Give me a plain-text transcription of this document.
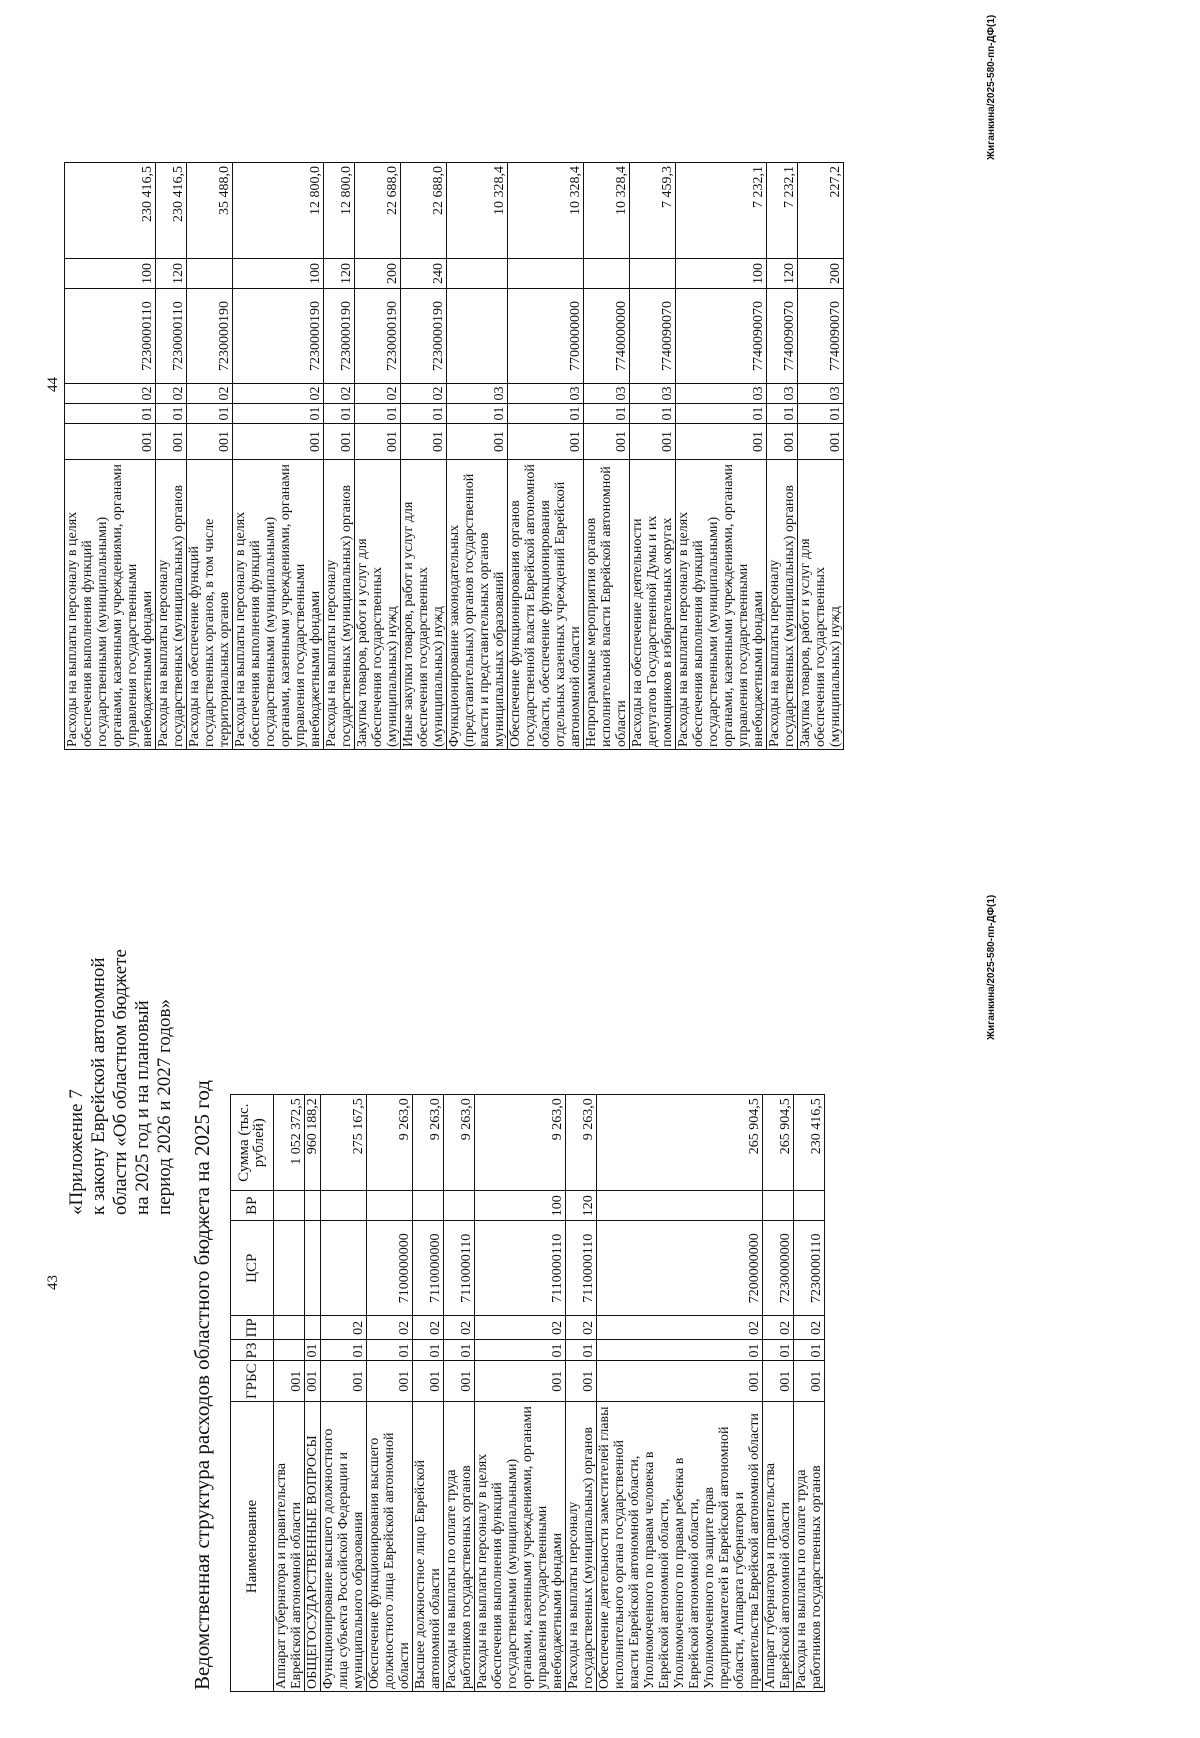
43
«Приложение 7 к закону Еврейской автономной области «Об областном бюджете на 2025 год и на плановый период 2026 и 2027 годов» Ведомственная структура расходов областного бюджета на 2025 год Наименование	ГРБС	РЗ	ПР	ЦСР	ВР	Сумма (тыс. рублей)
Аппарат губернатора и правительства Еврейской автономной области	001					1 052 372,5
ОБЩЕГОСУДАРСТВЕННЫЕ ВОПРОСЫ	001	01				960 188,2
Функционирование высшего должностного лица субъекта Российской Федерации и муниципального образования	001	01	02			275 167,5
Обеспечение функционирования высшего должностного лица Еврейской автономной области	001	01	02	7100000000		9 263,0
Высшее должностное лицо Еврейской автономной области	001	01	02	7110000000		9 263,0
Расходы на выплаты по оплате труда работников государственных органов	001	01	02	7110000110		9 263,0
Расходы на выплаты персоналу в целях обеспечения выполнения функций государственными (муниципальными) органами, казенными учреждениями, органами управления государственными внебюджетными фондами	001	01	02	7110000110	100	9 263,0
Расходы на выплаты персоналу государственных (муниципальных) органов	001	01	02	7110000110	120	9 263,0
Обеспечение деятельности заместителей главы исполнительного органа государственной власти Еврейской автономной области, Уполномоченного по правам человека в Еврейской автономной области, Уполномоченного по правам ребенка в Еврейской автономной области, Уполномоченного по защите прав предпринимателей в Еврейской автономной области, Аппарата губернатора и правительства Еврейской автономной области	001	01	02	7200000000		265 904,5
Аппарат губернатора и правительства Еврейской автономной области	001	01	02	7230000000		265 904,5
Расходы на выплаты по оплате труда работников государственных органов	001	01	02	7230000110		230 416,5
Жиганкина/2025-580-пп-ДФ(1)
44
Расходы на выплаты персоналу в целях обеспечения выполнения функций государственными (муниципальными) органами, казенными учреждениями, органами управления государственными внебюджетными фондами	001	01	02	7230000110	100	230 416,5
Расходы на выплаты персоналу государственных (муниципальных) органов	001	01	02	7230000110	120	230 416,5
Расходы на обеспечение функций государственных органов, в том числе территориальных органов	001	01	02	7230000190		35 488,0
Расходы на выплаты персоналу в целях обеспечения выполнения функций государственными (муниципальными) органами, казенными учреждениями, органами управления государственными внебюджетными фондами	001	01	02	7230000190	100	12 800,0
Расходы на выплаты персоналу государственных (муниципальных) органов	001	01	02	7230000190	120	12 800,0
Закупка товаров, работ и услуг для обеспечения государственных (муниципальных) нужд	001	01	02	7230000190	200	22 688,0
Иные закупки товаров, работ и услуг для обеспечения государственных (муниципальных) нужд	001	01	02	7230000190	240	22 688,0
Функционирование законодательных (представительных) органов государственной власти и представительных органов муниципальных образований	001	01	03			10 328,4
Обеспечение функционирования органов государственной власти Еврейской автономной области, обеспечение функционирования отдельных казенных учреждений Еврейской автономной области	001	01	03	7700000000		10 328,4
Непрограммные мероприятия органов исполнительной власти Еврейской автономной области	001	01	03	7740000000		10 328,4
Расходы на обеспечение деятельности депутатов Государственной Думы и их помощников в избирательных округах	001	01	03	7740090070		7 459,3
Расходы на выплаты персоналу в целях обеспечения выполнения функций государственными (муниципальными) органами, казенными учреждениями, органами управления государственными внебюджетными фондами	001	01	03	7740090070	100	7 232,1
Расходы на выплаты персоналу государственных (муниципальных) органов	001	01	03	7740090070	120	7 232,1
Закупка товаров, работ и услуг для обеспечения государственных (муниципальных) нужд	001	01	03	7740090070	200	227,2
Жиганкина/2025-580-пп-ДФ(1)
